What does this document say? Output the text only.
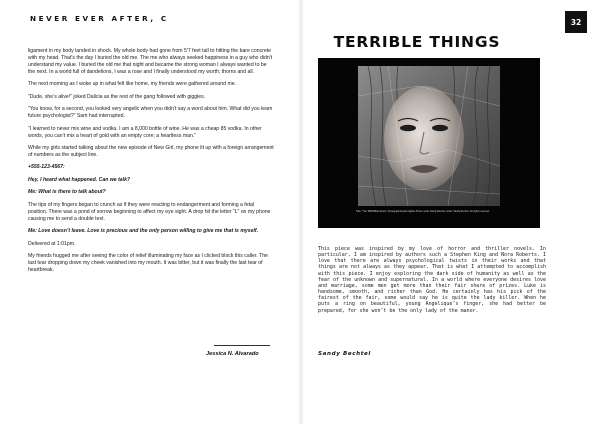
NEVER EVER AFTER, C

ligament in my body landed in shock. My whole body had gone from 5'7 feet tall to hitting the bare concrete with my head. That's the day I buried the old me. The me who always seeked happiness in a guy who didn't understand my value. I buried the old me that night and became the strong woman I always wanted to be the next. In a world full of dandelions, I was a rose and I finally understood my worth; thorns and all.

The next morning as I woke up in what felt like home, my friends were gathered around me.

“Dude, she’s alive!” joked Dalicia as the rest of the gang followed with giggles.

“You know, for a second, you looked very angelic when you didn’t say a word about him. What did you learn future psychologist?” Sam had interrupted.

“I learned to never mix wine and vodka. I am a 8,000 bottle of wine. He was a cheap 85 vodka. In other words, you can’t mix a heart of gold with an empty core; a heartless man.”

While my girls started talking about the new episode of New Girl, my phone lit up with a foreign arrangement of numbers as the subject line.

+555-123-4567:

Hey, I heard what happened. Can we talk?

Me: What is there to talk about?

The tips of my fingers began to crunch as if they were reacting to endangerment and forming a fetal position. There was a pond of sorrow beginning to affect my eye sight. A drop hit the letter “L” on my phone causing me to send a double text.

Me: Love doesn’t leave. Love is precious and the only person willing to give me that is myself.

Delivered at 1:01pm.

My friends hugged me after seeing the color of relief illuminating my face as I clicked block this caller. The last tear dropping down my cheek vanished into my mouth. It was bitter, but it was finally the last tear of heartbreak.

Jessica N. Alvarado
32
TERRIBLE THINGS
Title: "The TERRIBLE bloom" photographic/paint-digital. Photo credit: Sandy Bechtel. Artist: Sandy Bechtel. All rights reserved.
This piece was inspired by my love of horror and thriller novels. In particular, I am inspired by authors such a Stephen King and Nora Roberts. I love that there are always psychological twists in their works and that things are not always as they appear. That is what I attempted to accomplish with this piece. I enjoy exploring the dark side of humanity as well as the fear of the unknown and supernatural. In a world where everyone desires love and marriage, some men get more than their fair share of prizes. Luke is handsome, smooth, and richer than God. He certainly has his pick of the fairest of the fair, some would say he is quite the lady killer. When he puts a ring on beautiful, young Angelique’s finger, she had better be prepared, for she won’t be the only lady of the manor.
Sandy Bechtel
